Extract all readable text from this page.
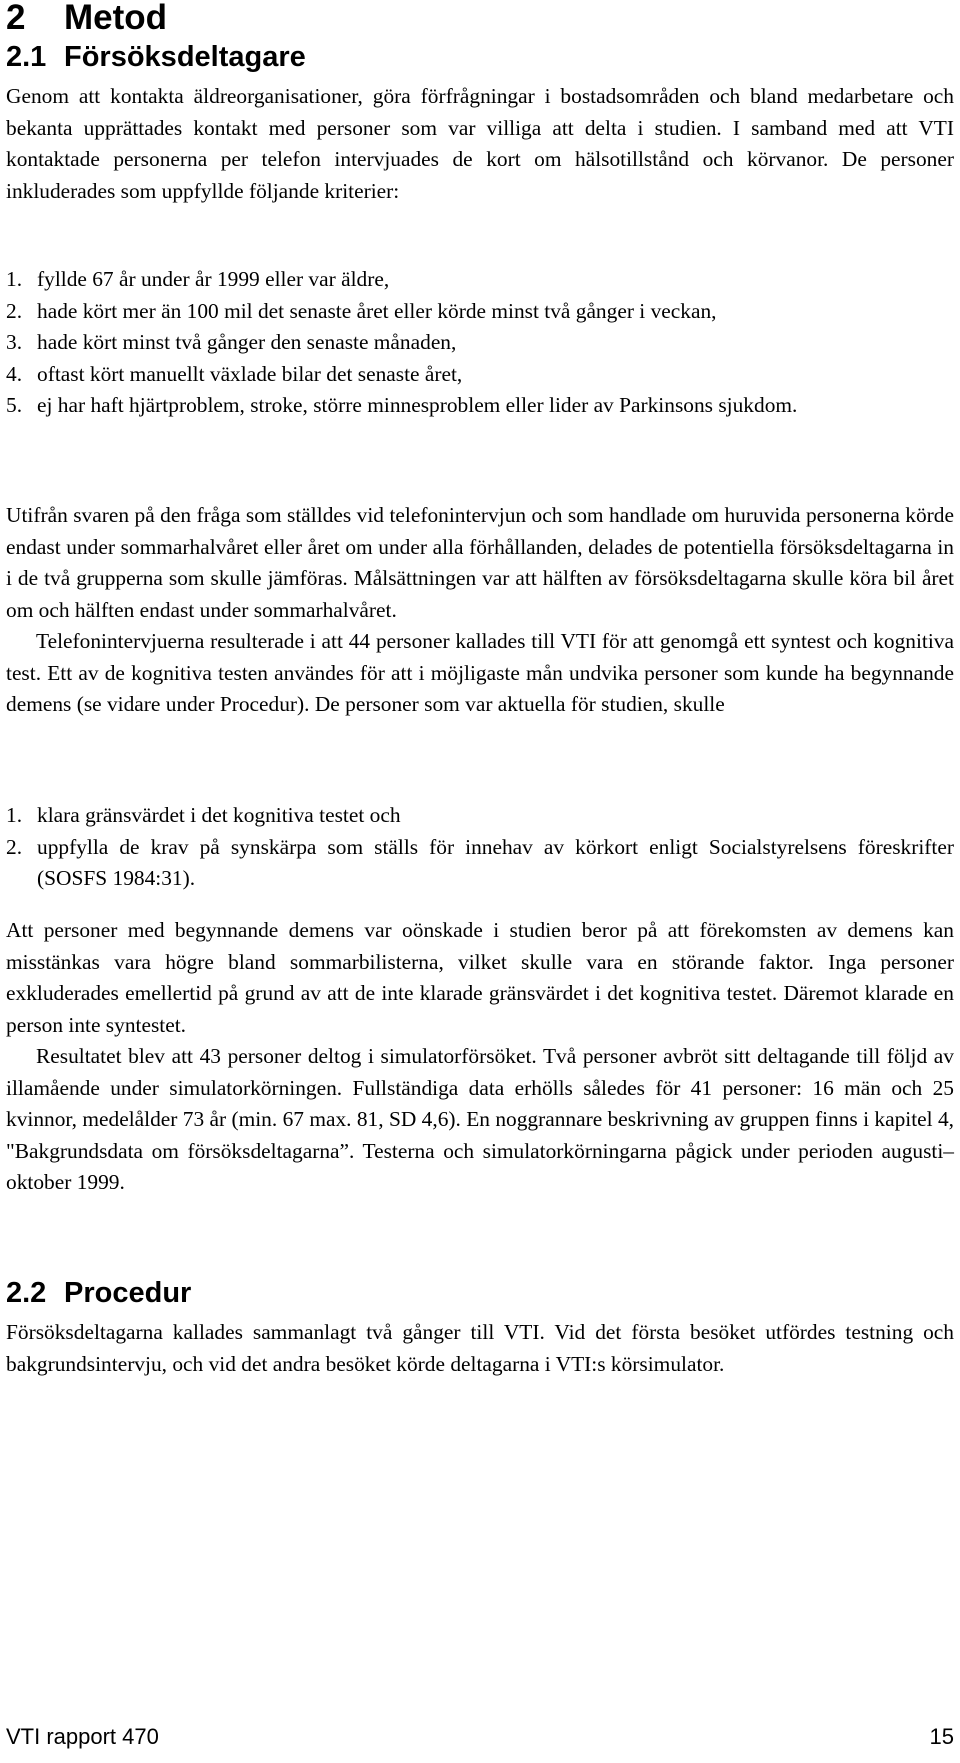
2 Metod
2.1 Försöksdeltagare

Genom att kontakta äldreorganisationer, göra förfrågningar i bostadsområden och bland medarbetare och bekanta upprättades kontakt med personer som var villiga att delta i studien. I samband med att VTI kontaktade personerna per telefon intervjuades de kort om hälsotillstånd och körvanor. De personer inkluderades som uppfyllde följande kriterier:

1. fyllde 67 år under år 1999 eller var äldre,
2. hade kört mer än 100 mil det senaste året eller körde minst två gånger i veckan,
3. hade kört minst två gånger den senaste månaden,
4. oftast kört manuellt växlade bilar det senaste året,
5. ej har haft hjärtproblem, stroke, större minnesproblem eller lider av Parkinsons sjukdom.

Utifrån svaren på den fråga som ställdes vid telefonintervjun och som handlade om huruvida personerna körde endast under sommarhalvåret eller året om under alla förhållanden, delades de potentiella försöksdeltagarna in i de två grupperna som skulle jämföras. Målsättningen var att hälften av försöksdeltagarna skulle köra bil året om och hälften endast under sommarhalvåret.

Telefonintervjuerna resulterade i att 44 personer kallades till VTI för att genomgå ett syntest och kognitiva test. Ett av de kognitiva testen användes för att i möjligaste mån undvika personer som kunde ha begynnande demens (se vidare under Procedur). De personer som var aktuella för studien, skulle

1. klara gränsvärdet i det kognitiva testet och
2. uppfylla de krav på synskärpa som ställs för innehav av körkort enligt Socialstyrelsens föreskrifter (SOSFS 1984:31).

Att personer med begynnande demens var oönskade i studien beror på att förekomsten av demens kan misstänkas vara högre bland sommarbilisterna, vilket skulle vara en störande faktor. Inga personer exkluderades emellertid på grund av att de inte klarade gränsvärdet i det kognitiva testet. Däremot klarade en person inte syntestet.

Resultatet blev att 43 personer deltog i simulatorförsöket. Två personer avbröt sitt deltagande till följd av illamående under simulatorkörningen. Fullständiga data erhölls således för 41 personer: 16 män och 25 kvinnor, medelålder 73 år (min. 67 max. 81, SD 4,6). En noggrannare beskrivning av gruppen finns i kapitel 4, "Bakgrundsdata om försöksdeltagarna”. Testerna och simulatorkörningarna pågick under perioden augusti–oktober 1999.

2.2 Procedur

Försöksdeltagarna kallades sammanlagt två gånger till VTI. Vid det första besöket utfördes testning och bakgrundsintervju, och vid det andra besöket körde deltagarna i VTI:s körsimulator.

VTI rapport 470	15
